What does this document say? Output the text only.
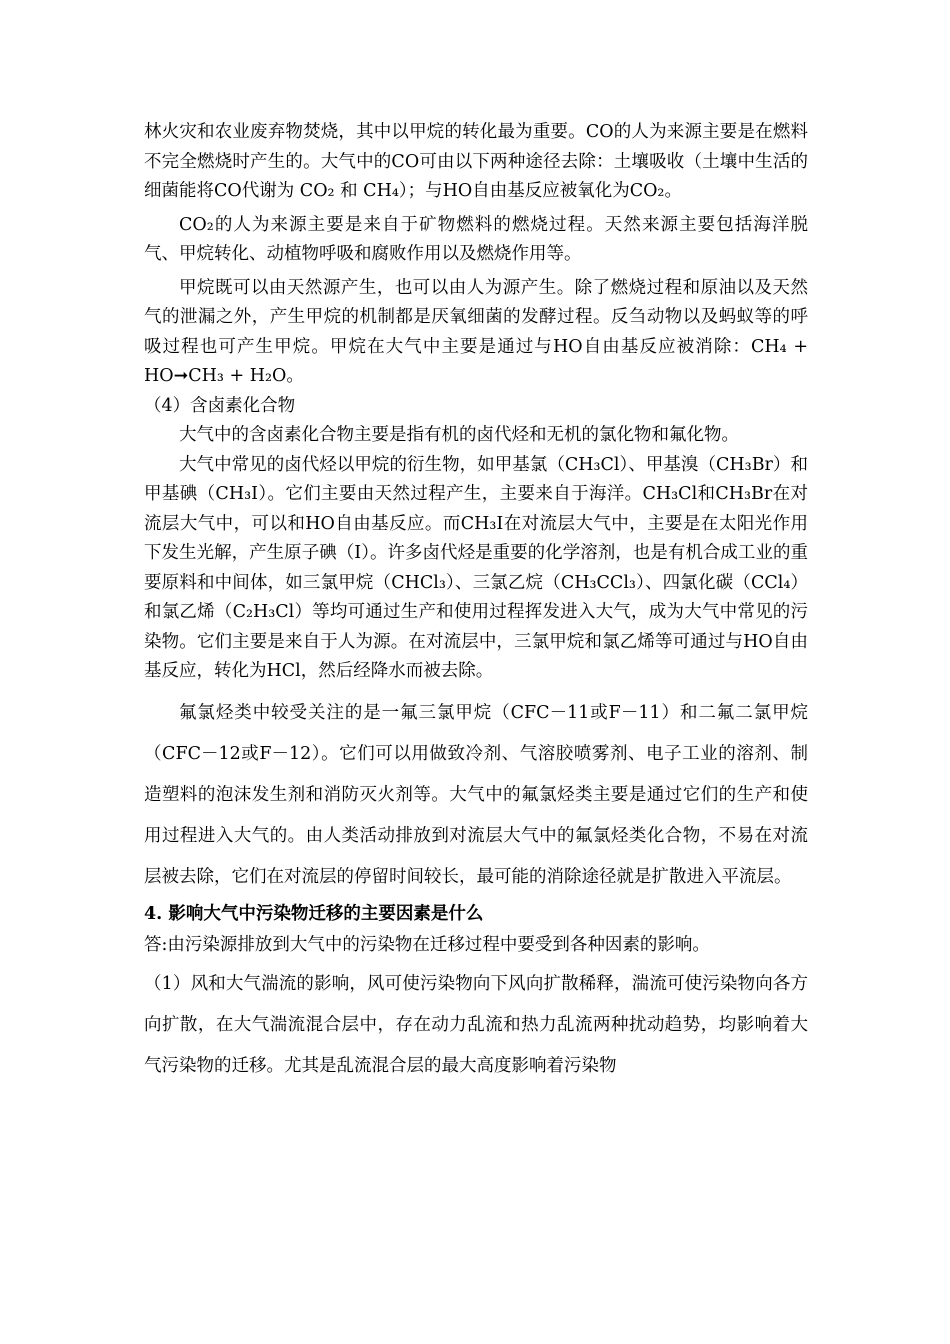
林火灾和农业废弃物焚烧，其中以甲烷的转化最为重要。CO的人为来源主要是在燃料不完全燃烧时产生的。大气中的CO可由以下两种途径去除：土壤吸收（土壤中生活的细菌能将CO代谢为 CO₂ 和 CH₄）；与HO自由基反应被氧化为CO₂。

CO₂的人为来源主要是来自于矿物燃料的燃烧过程。天然来源主要包括海洋脱气、甲烷转化、动植物呼吸和腐败作用以及燃烧作用等。

甲烷既可以由天然源产生，也可以由人为源产生。除了燃烧过程和原油以及天然气的泄漏之外，产生甲烷的机制都是厌氧细菌的发酵过程。反刍动物以及蚂蚁等的呼吸过程也可产生甲烷。甲烷在大气中主要是通过与HO自由基反应被消除：CH₄ + HO➞CH₃ + H₂O。

（4）含卤素化合物

大气中的含卤素化合物主要是指有机的卤代烃和无机的氯化物和氟化物。

大气中常见的卤代烃以甲烷的衍生物，如甲基氯（CH₃Cl）、甲基溴（CH₃Br）和甲基碘（CH₃I）。它们主要由天然过程产生，主要来自于海洋。CH₃Cl和CH₃Br在对流层大气中，可以和HO自由基反应。而CH₃I在对流层大气中，主要是在太阳光作用下发生光解，产生原子碘（I）。许多卤代烃是重要的化学溶剂，也是有机合成工业的重要原料和中间体，如三氯甲烷（CHCl₃）、三氯乙烷（CH₃CCl₃）、四氯化碳（CCl₄）和氯乙烯（C₂H₃Cl）等均可通过生产和使用过程挥发进入大气，成为大气中常见的污染物。它们主要是来自于人为源。在对流层中，三氯甲烷和氯乙烯等可通过与HO自由基反应，转化为HCl，然后经降水而被去除。

氟氯烃类中较受关注的是一氟三氯甲烷（CFC－11或F－11）和二氟二氯甲烷（CFC－12或F－12）。它们可以用做致冷剂、气溶胶喷雾剂、电子工业的溶剂、制造塑料的泡沫发生剂和消防灭火剂等。大气中的氟氯烃类主要是通过它们的生产和使用过程进入大气的。由人类活动排放到对流层大气中的氟氯烃类化合物，不易在对流层被去除，它们在对流层的停留时间较长，最可能的消除途径就是扩散进入平流层。

4. 影响大气中污染物迁移的主要因素是什么

答:由污染源排放到大气中的污染物在迁移过程中要受到各种因素的影响。

（1）风和大气湍流的影响，风可使污染物向下风向扩散稀释，湍流可使污染物向各方向扩散，在大气湍流混合层中，存在动力乱流和热力乱流两种扰动趋势，均影响着大气污染物的迁移。尤其是乱流混合层的最大高度影响着污染物
